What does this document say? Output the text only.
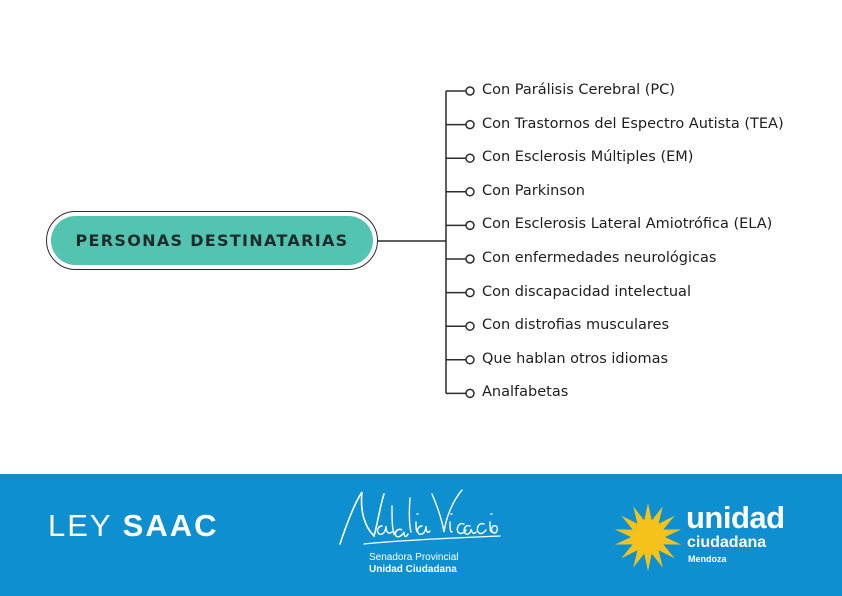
PERSONAS DESTINATARIAS
Con Parálisis Cerebral (PC)
Con Trastornos del Espectro Autista (TEA)
Con Esclerosis Múltiples (EM)
Con Parkinson
Con Esclerosis Lateral Amiotrófica (ELA)
Con enfermedades neurológicas
Con discapacidad intelectual
Con distrofias musculares
Que hablan otros idiomas
Analfabetas
LEY SAAC
Senadora Provincial
Unidad Ciudadana
unidad
ciudadana
Mendoza
